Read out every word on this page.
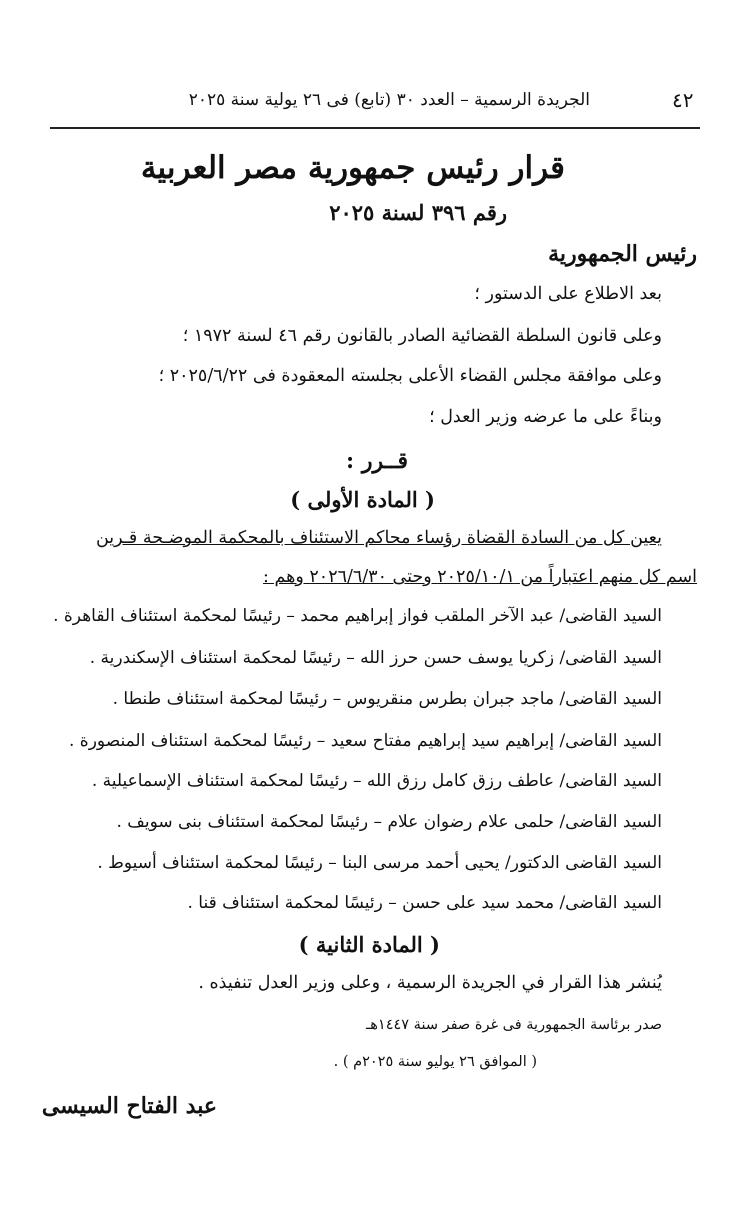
٤٢
الجريدة الرسمية – العدد ٣٠ (تابع) فى ٢٦ يولية سنة ٢٠٢٥
قرار رئيس جمهورية مصر العربية
رقم ٣٩٦ لسنة ٢٠٢٥
رئيس الجمهورية
بعد الاطلاع على الدستور ؛
وعلى قانون السلطة القضائية الصادر بالقانون رقم ٤٦ لسنة ١٩٧٢ ؛
وعلى موافقة مجلس القضاء الأعلى بجلسته المعقودة فى ٢٠٢٥/٦/٢٢ ؛
وبناءً على ما عرضه وزير العدل ؛
قــرر :
( المادة الأولى )
يعين كل من السادة القضاة رؤساء محاكم الاستئناف بالمحكمة الموضـحة قـرين
اسم كل منهم اعتباراً من ٢٠٢٥/١٠/١ وحتى ٢٠٢٦/٦/٣٠ وهم :
السيد القاضى/ عبد الآخر الملقب فواز إبراهيم محمد – رئيسًا لمحكمة استئناف القاهرة .
السيد القاضى/ زكريا يوسف حسن حرز الله – رئيسًا لمحكمة استئناف الإسكندرية .
السيد القاضى/ ماجد جبران بطرس منقريوس – رئيسًا لمحكمة استئناف طنطا .
السيد القاضى/ إبراهيم سيد إبراهيم مفتاح سعيد – رئيسًا لمحكمة استئناف المنصورة .
السيد القاضى/ عاطف رزق كامل رزق الله – رئيسًا لمحكمة استئناف الإسماعيلية .
السيد القاضى/ حلمى علام رضوان علام – رئيسًا لمحكمة استئناف بنى سويف .
السيد القاضى الدكتور/ يحيى أحمد مرسى البنا – رئيسًا لمحكمة استئناف أسيوط .
السيد القاضى/ محمد سيد على حسن – رئيسًا لمحكمة استئناف قنا .
( المادة الثانية )
يُنشر هذا القرار في الجريدة الرسمية ، وعلى وزير العدل تنفيذه .
صدر برئاسة الجمهورية فى غرة صفر سنة ١٤٤٧هـ
( الموافق ٢٦ يوليو سنة ٢٠٢٥م ) .
عبد الفتاح السيسى
